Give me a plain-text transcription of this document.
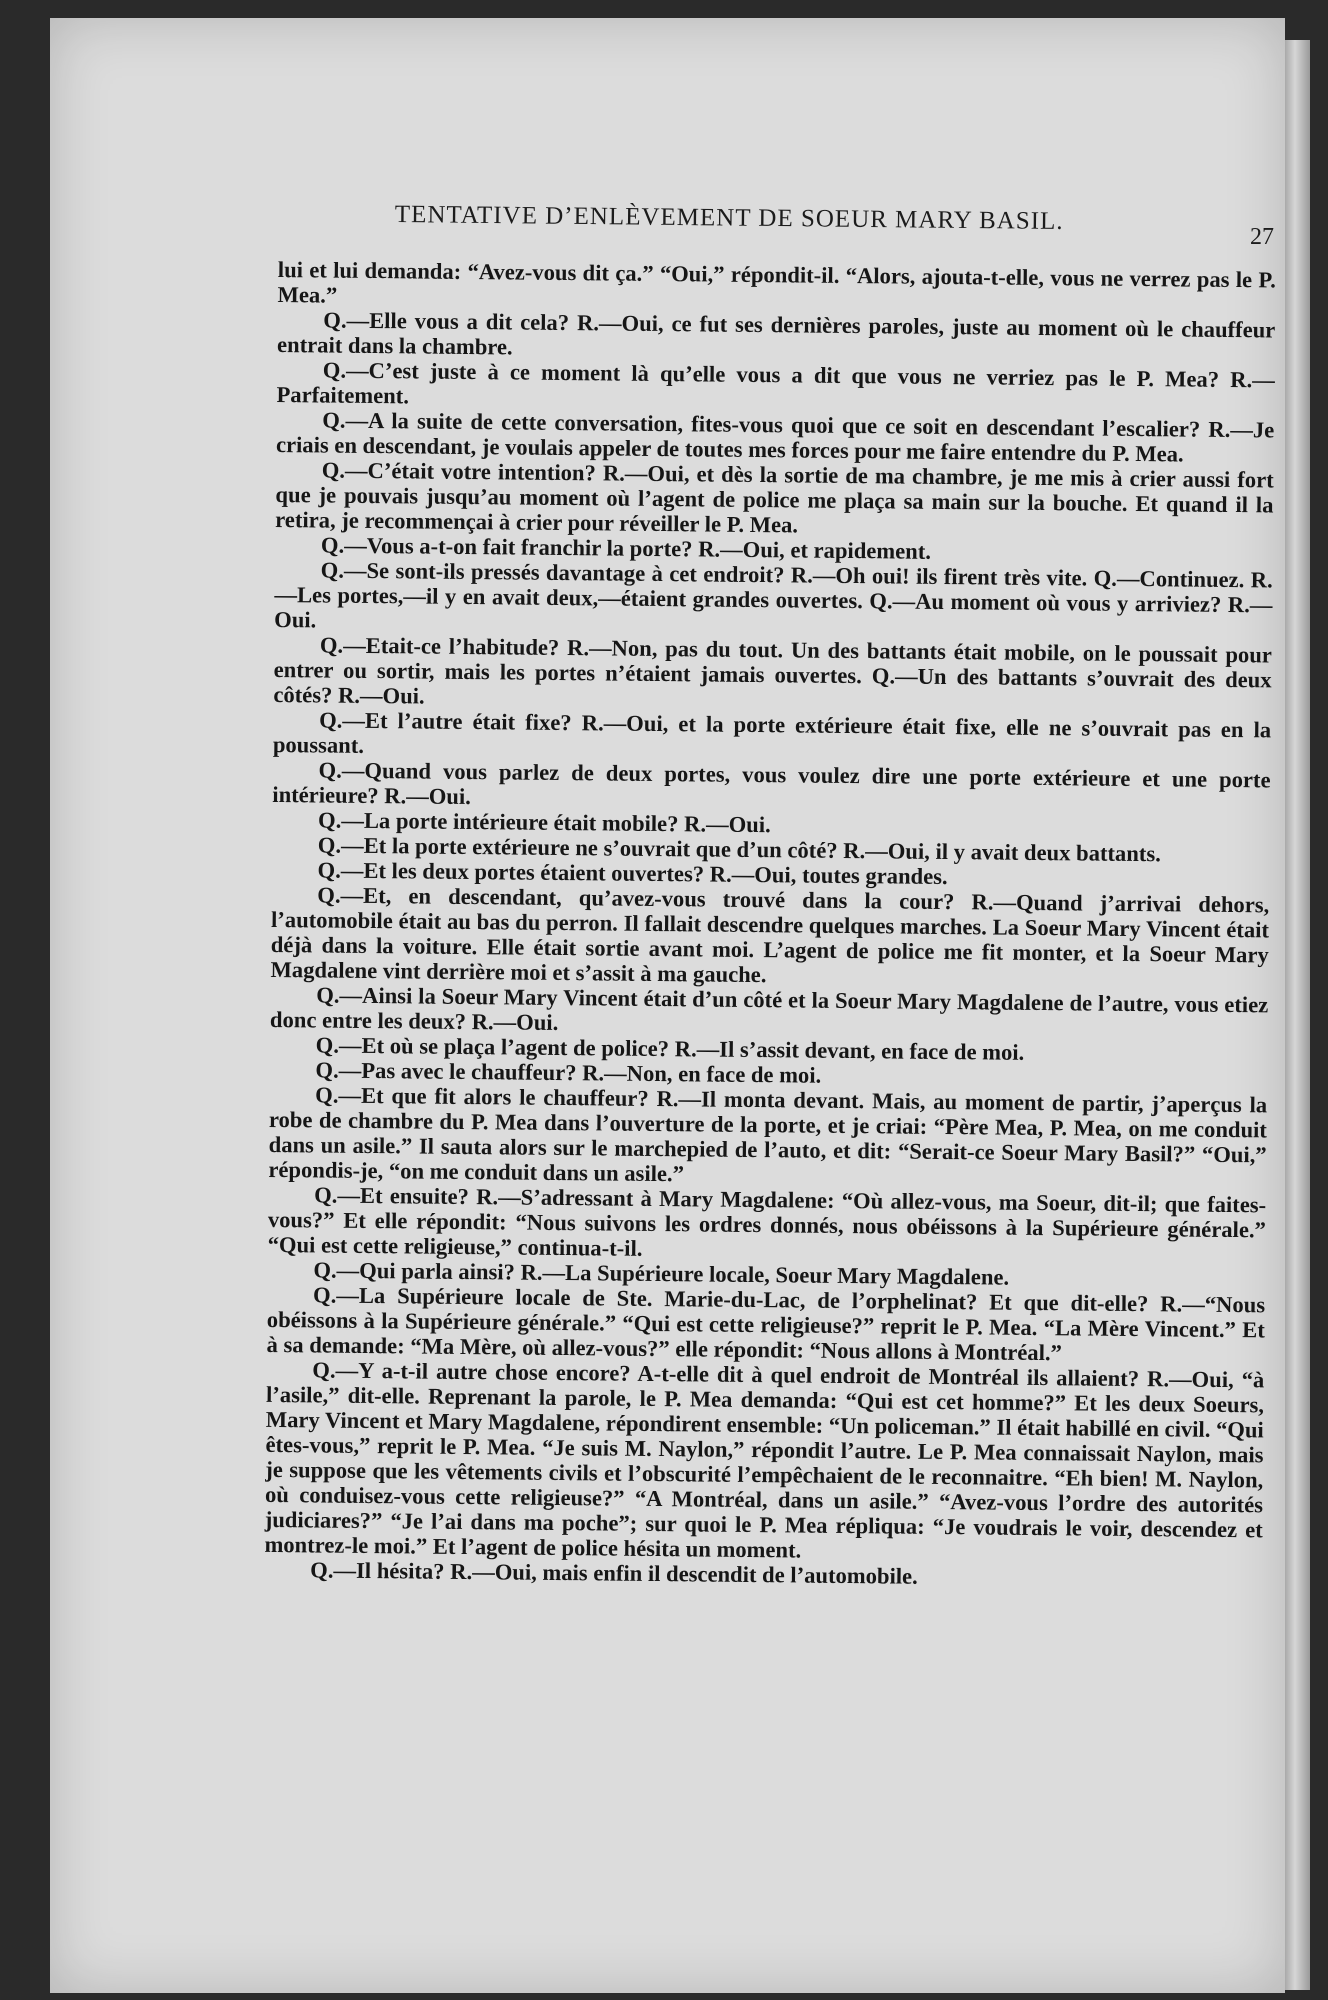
TENTATIVE D’ENLÈVEMENT DE SOEUR MARY BASIL.
27

lui et lui demanda: “Avez-vous dit ça.” “Oui,” répondit-il. “Alors, ajouta-t-elle, vous ne verrez pas le P. Mea.”

Q.—Elle vous a dit cela? R.—Oui, ce fut ses dernières paroles, juste au moment où le chauffeur entrait dans la chambre.

Q.—C’est juste à ce moment là qu’elle vous a dit que vous ne verriez pas le P. Mea? R.—Parfaitement.

Q.—A la suite de cette conversation, fites-vous quoi que ce soit en descendant l’escalier? R.—Je criais en descendant, je voulais appeler de toutes mes forces pour me faire entendre du P. Mea.

Q.—C’était votre intention? R.—Oui, et dès la sortie de ma chambre, je me mis à crier aussi fort que je pouvais jusqu’au moment où l’agent de police me plaça sa main sur la bouche. Et quand il la retira, je recommençai à crier pour réveiller le P. Mea.

Q.—Vous a-t-on fait franchir la porte? R.—Oui, et rapidement.

Q.—Se sont-ils pressés davantage à cet endroit? R.—Oh oui! ils firent très vite. Q.—Continuez. R.—Les portes,—il y en avait deux,—étaient grandes ouvertes. Q.—Au moment où vous y arriviez? R.—Oui.

Q.—Etait-ce l’habitude? R.—Non, pas du tout. Un des battants était mobile, on le poussait pour entrer ou sortir, mais les portes n’étaient jamais ouvertes. Q.—Un des battants s’ouvrait des deux côtés? R.—Oui.

Q.—Et l’autre était fixe? R.—Oui, et la porte extérieure était fixe, elle ne s’ouvrait pas en la poussant.

Q.—Quand vous parlez de deux portes, vous voulez dire une porte extérieure et une porte intérieure? R.—Oui.

Q.—La porte intérieure était mobile? R.—Oui.

Q.—Et la porte extérieure ne s’ouvrait que d’un côté? R.—Oui, il y avait deux battants.

Q.—Et les deux portes étaient ouvertes? R.—Oui, toutes grandes.

Q.—Et, en descendant, qu’avez-vous trouvé dans la cour? R.—Quand j’arrivai dehors, l’automobile était au bas du perron. Il fallait descendre quelques marches. La Soeur Mary Vincent était déjà dans la voiture. Elle était sortie avant moi. L’agent de police me fit monter, et la Soeur Mary Magdalene vint derrière moi et s’assit à ma gauche.

Q.—Ainsi la Soeur Mary Vincent était d’un côté et la Soeur Mary Magdalene de l’autre, vous etiez donc entre les deux? R.—Oui.

Q.—Et où se plaça l’agent de police? R.—Il s’assit devant, en face de moi.

Q.—Pas avec le chauffeur? R.—Non, en face de moi.

Q.—Et que fit alors le chauffeur? R.—Il monta devant. Mais, au moment de partir, j’aperçus la robe de chambre du P. Mea dans l’ouverture de la porte, et je criai: “Père Mea, P. Mea, on me conduit dans un asile.” Il sauta alors sur le marchepied de l’auto, et dit: “Serait-ce Soeur Mary Basil?” “Oui,” répondis-je, “on me conduit dans un asile.”

Q.—Et ensuite? R.—S’adressant à Mary Magdalene: “Où allez-vous, ma Soeur, dit-il; que faites-vous?” Et elle répondit: “Nous suivons les ordres donnés, nous obéissons à la Supérieure générale.” “Qui est cette religieuse,” continua-t-il.

Q.—Qui parla ainsi? R.—La Supérieure locale, Soeur Mary Magdalene.

Q.—La Supérieure locale de Ste. Marie-du-Lac, de l’orphelinat? Et que dit-elle? R.—“Nous obéissons à la Supérieure générale.” “Qui est cette religieuse?” reprit le P. Mea. “La Mère Vincent.” Et à sa demande: “Ma Mère, où allez-vous?” elle répondit: “Nous allons à Montréal.”

Q.—Y a-t-il autre chose encore? A-t-elle dit à quel endroit de Montréal ils allaient? R.—Oui, “à l’asile,” dit-elle. Reprenant la parole, le P. Mea demanda: “Qui est cet homme?” Et les deux Soeurs, Mary Vincent et Mary Magdalene, répondirent ensemble: “Un policeman.” Il était habillé en civil. “Qui êtes-vous,” reprit le P. Mea. “Je suis M. Naylon,” répondit l’autre. Le P. Mea connaissait Naylon, mais je suppose que les vêtements civils et l’obscurité l’empêchaient de le reconnaitre. “Eh bien! M. Naylon, où conduisez-vous cette religieuse?” “A Montréal, dans un asile.” “Avez-vous l’ordre des autorités judiciares?” “Je l’ai dans ma poche”; sur quoi le P. Mea répliqua: “Je voudrais le voir, descendez et montrez-le moi.” Et l’agent de police hésita un moment.

Q.—Il hésita? R.—Oui, mais enfin il descendit de l’automobile.
